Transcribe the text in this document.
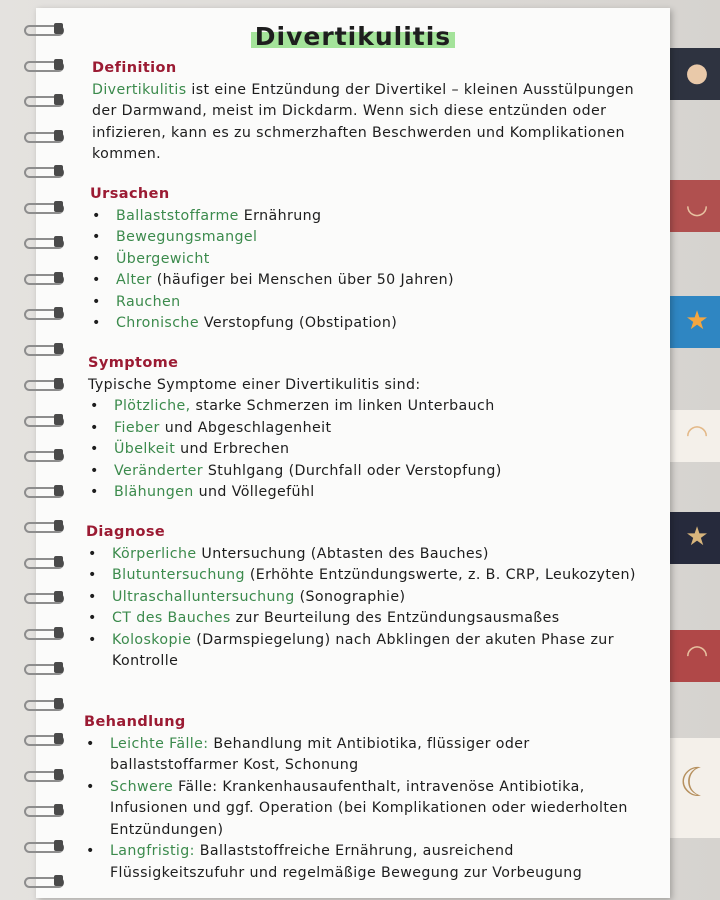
●
◡
★
◠
★
◠
☾
Divertikulitis
Definition

Divertikulitis ist eine Entzündung der Divertikel – kleinen Ausstülpungen der Darmwand, meist im Dickdarm. Wenn sich diese entzünden oder infizieren, kann es zu schmerzhaften Beschwerden und Komplikationen kommen.

Ursachen
• Ballaststoffarme Ernährung
• Bewegungsmangel
• Übergewicht
• Alter (häufiger bei Menschen über 50 Jahren)
• Rauchen
• Chronische Verstopfung (Obstipation)
Symptome

Typische Symptome einer Divertikulitis sind:

• Plötzliche, starke Schmerzen im linken Unterbauch
• Fieber und Abgeschlagenheit
• Übelkeit und Erbrechen
• Veränderter Stuhlgang (Durchfall oder Verstopfung)
• Blähungen und Völlegefühl
Diagnose
• Körperliche Untersuchung (Abtasten des Bauches)
• Blutuntersuchung (Erhöhte Entzündungswerte, z. B. CRP, Leukozyten)
• Ultraschalluntersuchung (Sonographie)
• CT des Bauches zur Beurteilung des Entzündungsausmaßes
• Koloskopie (Darmspiegelung) nach Abklingen der akuten Phase zur Kontrolle
Behandlung
• Leichte Fälle: Behandlung mit Antibiotika, flüssiger oder ballaststoffarmer Kost, Schonung
• Schwere Fälle: Krankenhausaufenthalt, intravenöse Antibiotika, Infusionen und ggf. Operation (bei Komplikationen oder wiederholten Entzündungen)
• Langfristig: Ballaststoffreiche Ernährung, ausreichend Flüssigkeitszufuhr und regelmäßige Bewegung zur Vorbeugung
